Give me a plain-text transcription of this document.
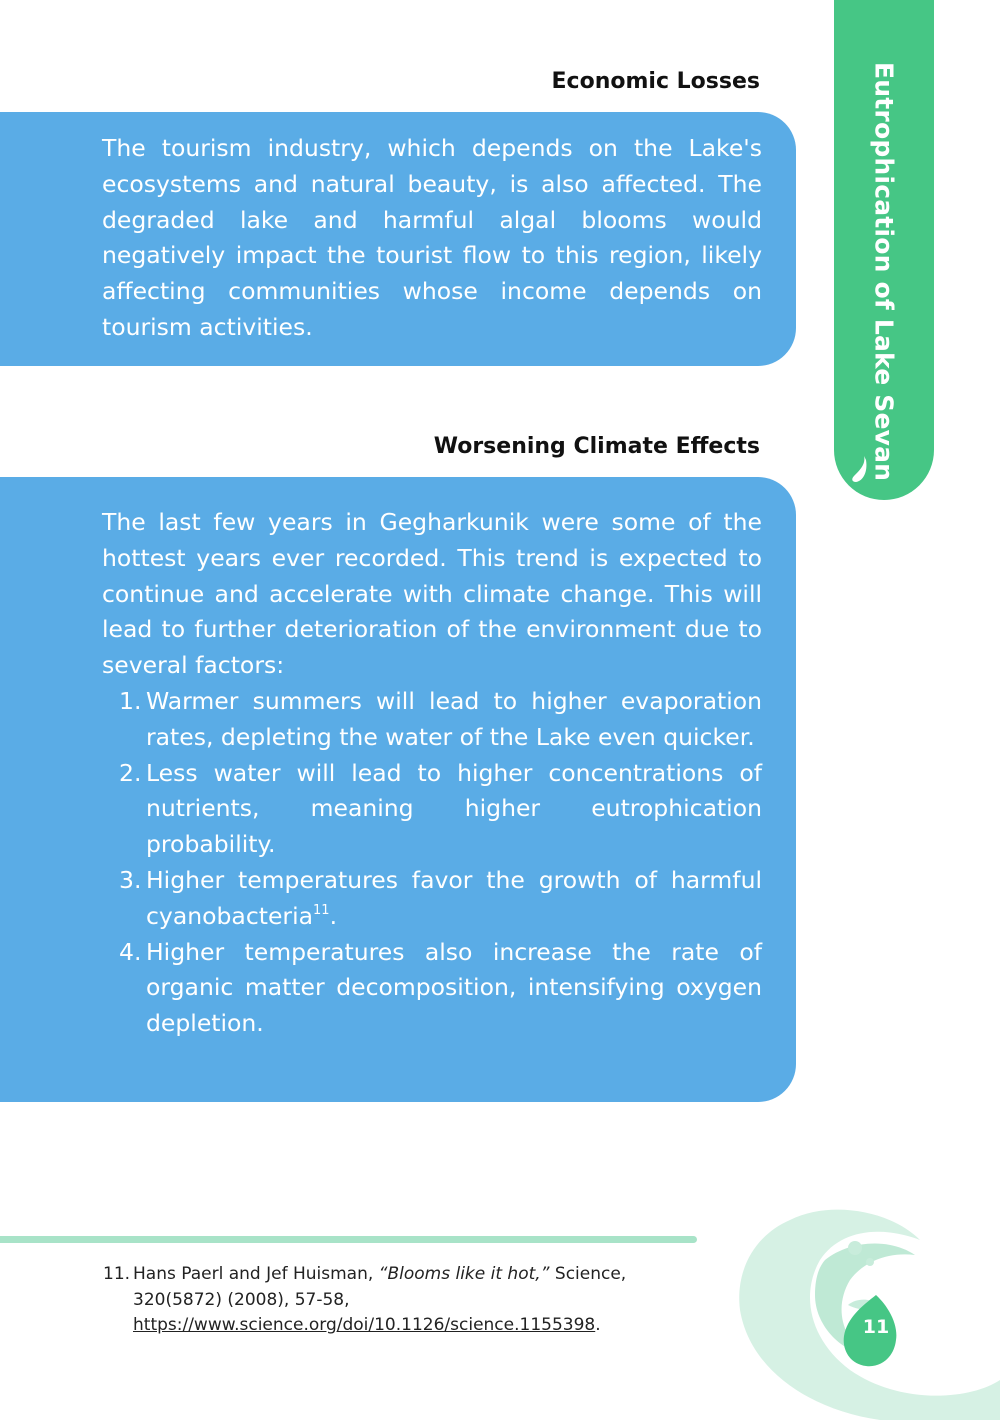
Eutrophication of Lake Sevan
Economic Losses

The tourism industry, which depends on the Lake's ecosystems and natural beauty, is also affected. The degraded lake and harmful algal blooms would negatively impact the tourist flow to this region, likely affecting communities whose income depends on tourism activities.

Worsening Climate Effects

The last few years in Gegharkunik were some of the hottest years ever recorded. This trend is expected to continue and accelerate with climate change. This will lead to further deterioration of the environment due to several factors:

1. Warmer summers will lead to higher evaporation rates, depleting the water of the Lake even quicker.
2. Less water will lead to higher concentrations of nutrients, meaning higher eutrophication probability.
3. Higher temperatures favor the growth of harmful cyanobacteria$^{11}$.
4. Higher temperatures also increase the rate of organic matter decomposition, intensifying oxygen depletion.
11. Hans Paerl and Jef Huisman, “Blooms like it hot,” Science, 320(5872) (2008), 57-58,
https://www.science.org/doi/10.1126/science.1155398.	11
